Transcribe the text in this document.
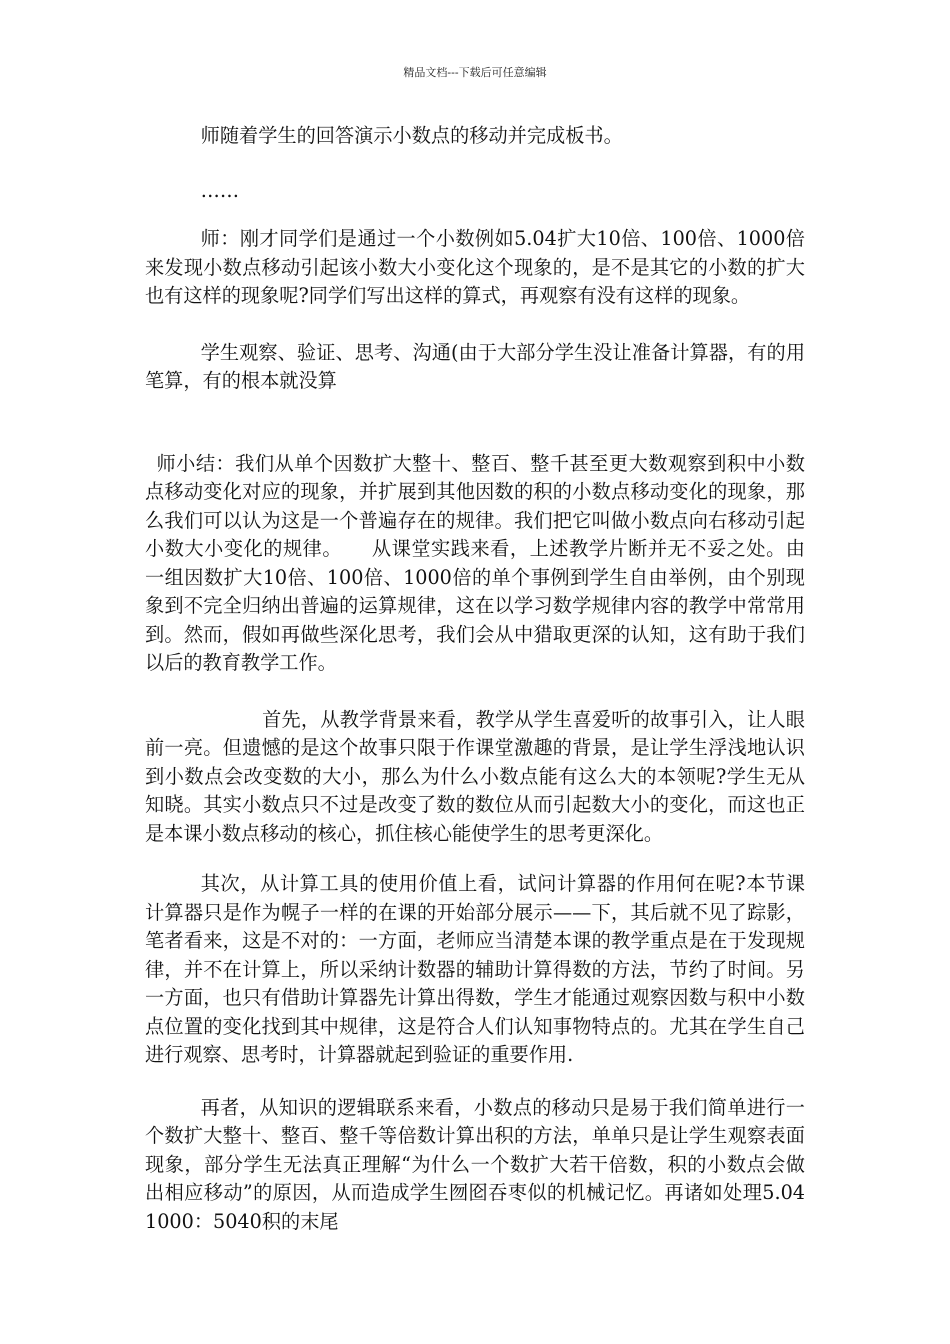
精品文档---下载后可任意编辑

师随着学生的回答演示小数点的移动并完成板书。

……

师：刚才同学们是通过一个小数例如5.04扩大10倍、100倍、1000倍来发现小数点移动引起该小数大小变化这个现象的，是不是其它的小数的扩大也有这样的现象呢?同学们写出这样的算式，再观察有没有这样的现象。

学生观察、验证、思考、沟通(由于大部分学生没让准备计算器，有的用笔算，有的根本就没算

师小结：我们从单个因数扩大整十、整百、整千甚至更大数观察到积中小数点移动变化对应的现象，并扩展到其他因数的积的小数点移动变化的现象，那么我们可以认为这是一个普遍存在的规律。我们把它叫做小数点向右移动引起小数大小变化的规律。　　从课堂实践来看，上述教学片断并无不妥之处。由一组因数扩大10倍、100倍、1000倍的单个事例到学生自由举例，由个别现象到不完全归纳出普遍的运算规律，这在以学习数学规律内容的教学中常常用到。然而，假如再做些深化思考，我们会从中猎取更深的认知，这有助于我们以后的教育教学工作。

首先，从教学背景来看，教学从学生喜爱听的故事引入，让人眼前一亮。但遗憾的是这个故事只限于作课堂激趣的背景，是让学生浮浅地认识到小数点会改变数的大小，那么为什么小数点能有这么大的本领呢?学生无从知晓。其实小数点只不过是改变了数的数位从而引起数大小的变化，而这也正是本课小数点移动的核心，抓住核心能使学生的思考更深化。

其次，从计算工具的使用价值上看，试问计算器的作用何在呢?本节课计算器只是作为幌子一样的在课的开始部分展示——下，其后就不见了踪影，笔者看来，这是不对的：一方面，老师应当清楚本课的教学重点是在于发现规律，并不在计算上，所以采纳计数器的辅助计算得数的方法，节约了时间。另一方面，也只有借助计算器先计算出得数，学生才能通过观察因数与积中小数点位置的变化找到其中规律，这是符合人们认知事物特点的。尤其在学生自己进行观察、思考时，计算器就起到验证的重要作用.

再者，从知识的逻辑联系来看，小数点的移动只是易于我们简单进行一个数扩大整十、整百、整千等倍数计算出积的方法，单单只是让学生观察表面现象，部分学生无法真正理解“为什么一个数扩大若干倍数，积的小数点会做出相应移动”的原因，从而造成学生囫囵吞枣似的机械记忆。再诸如处理5.04 1000：5040积的末尾
